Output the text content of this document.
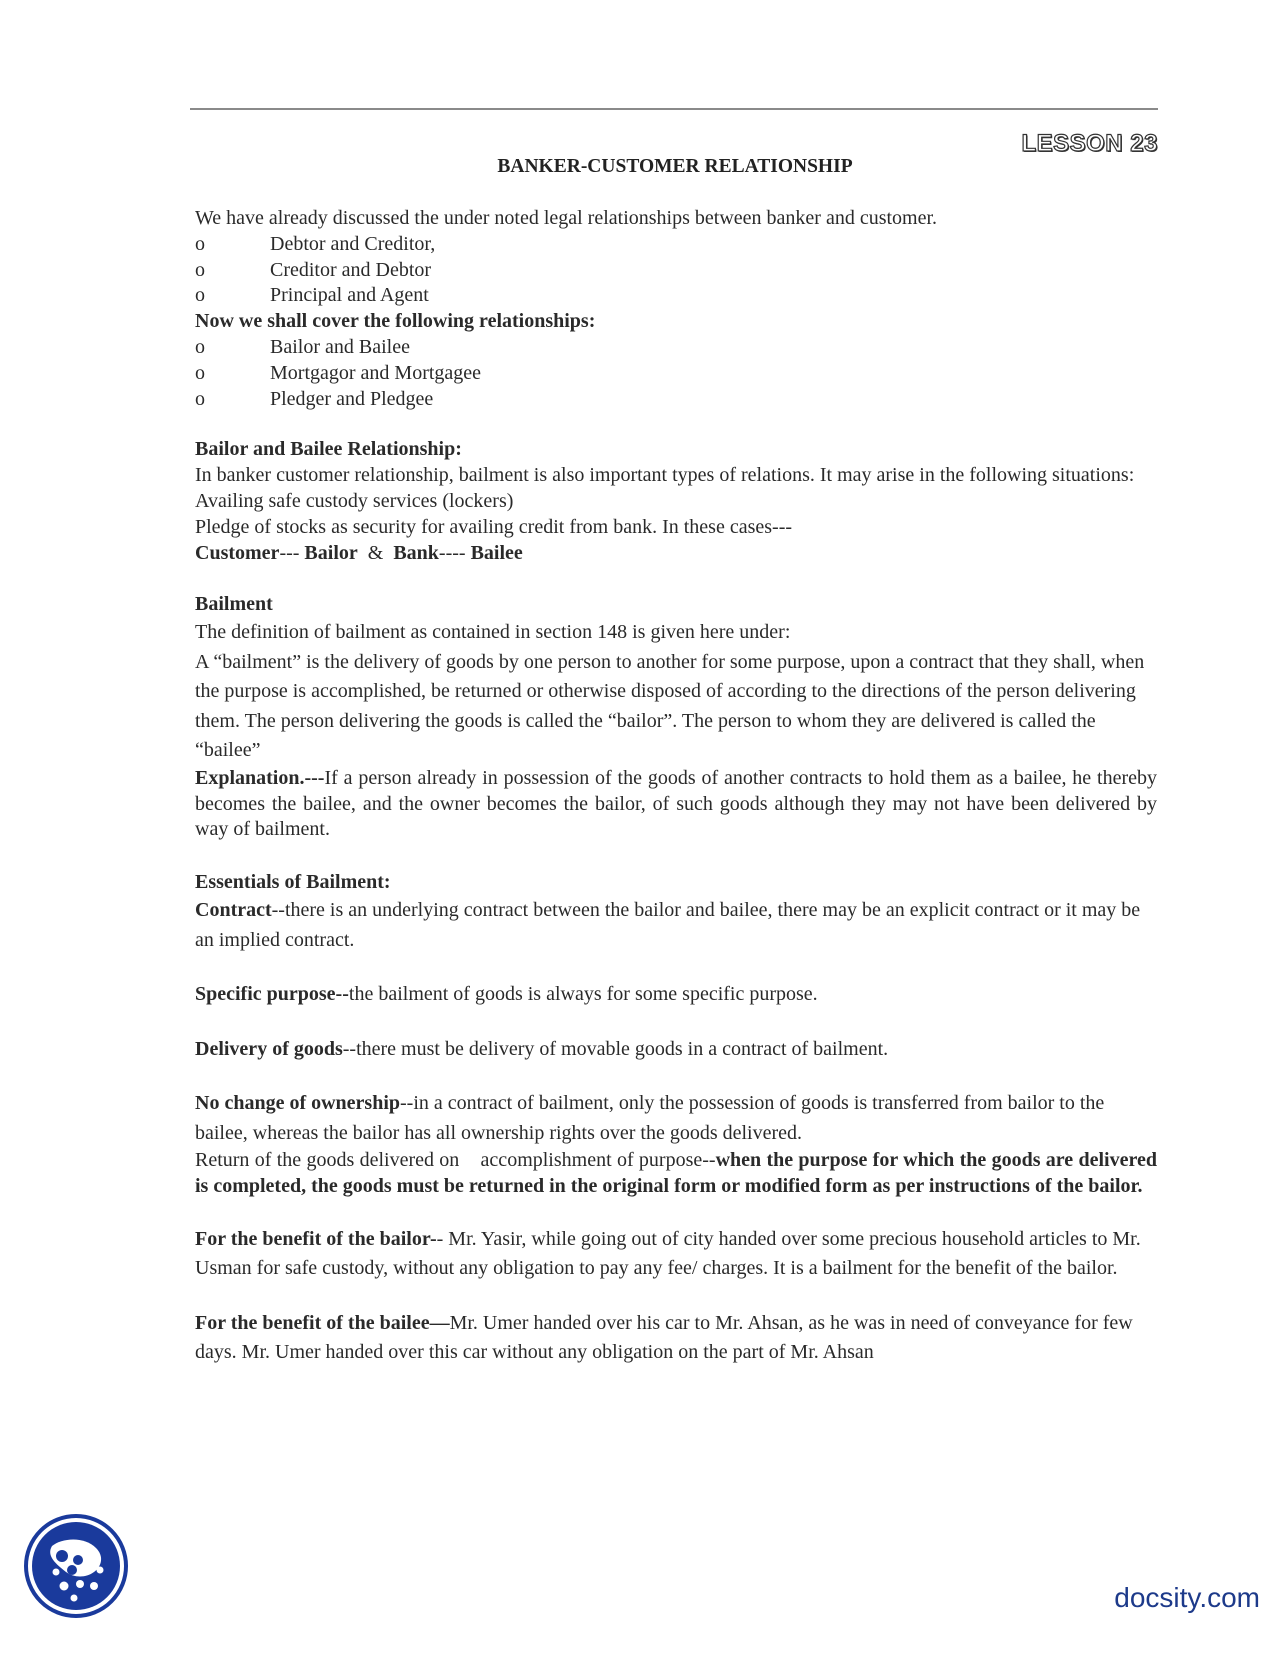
LESSON 23
BANKER-CUSTOMER RELATIONSHIP

We have already discussed the under noted legal relationships between banker and customer.

o	Debtor and Creditor,

o	Creditor and Debtor

o	Principal and Agent

Now we shall cover the following relationships:

o	Bailor and Bailee

o	Mortgagor and Mortgagee

o	Pledger and Pledgee

Bailor and Bailee Relationship:

In banker customer relationship, bailment is also important types of relations. It may arise in the following situations:

Availing safe custody services (lockers)

Pledge of stocks as security for availing credit from bank. In these cases---

Customer--- Bailor  &  Bank---- Bailee

Bailment

The definition of bailment as contained in section 148 is given here under:

A “bailment” is the delivery of goods by one person to another for some purpose, upon a contract that they shall, when the purpose is accomplished, be returned or otherwise disposed of according to the directions of the person delivering them. The person delivering the goods is called the “bailor”. The person to whom they are delivered is called the “bailee”

Explanation.---If a person already in possession of the goods of another contracts to hold them as a bailee, he thereby becomes the bailee, and the owner becomes the bailor, of such goods although they may not have been delivered by way of bailment.

Essentials of Bailment:

Contract--there is an underlying contract between the bailor and bailee, there may be an explicit contract or it may be an implied contract.

Specific purpose--the bailment of goods is always for some specific purpose.

Delivery of goods--there must be delivery of movable goods in a contract of bailment.

No change of ownership--in a contract of bailment, only the possession of goods is transferred from bailor to the bailee, whereas the bailor has all ownership rights over the goods delivered.

Return of the goods delivered on    accomplishment of purpose--when the purpose for which the goods are delivered is completed, the goods must be returned in the original form or modified form as per instructions of the bailor.

For the benefit of the bailor-- Mr. Yasir, while going out of city handed over some precious household articles to Mr. Usman for safe custody, without any obligation to pay any fee/ charges. It is a bailment for the benefit of the bailor.

For the benefit of the bailee—Mr. Umer handed over his car to Mr. Ahsan, as he was in need of conveyance for few days. Mr. Umer handed over this car without any obligation on the part of Mr. Ahsan

docsity.com
